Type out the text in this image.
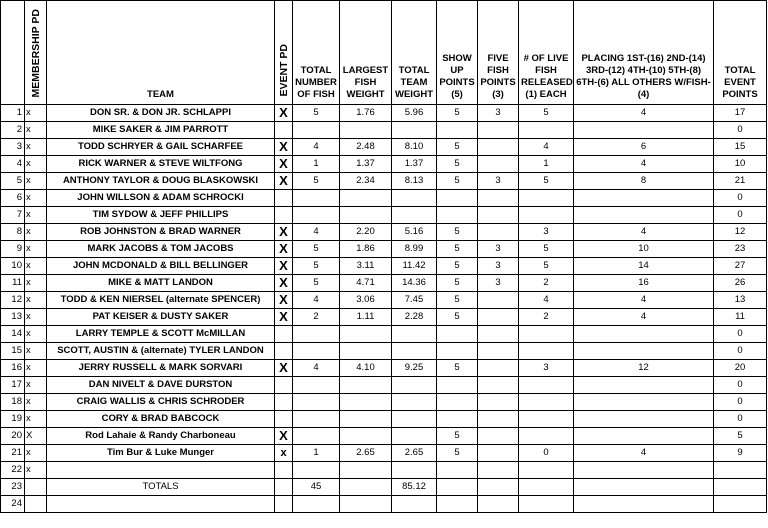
	MEMBERSHIP PD	TEAM	EVENT PD	TOTAL NUMBER OF FISH	LARGEST FISH WEIGHT	TOTAL TEAM WEIGHT	SHOW UP POINTS (5)	FIVE FISH POINTS (3)	# OF LIVE FISH RELEASED (1) EACH	PLACING 1ST-(16) 2ND-(14) 3RD-(12) 4TH-(10) 5TH-(8) 6TH-(6) ALL OTHERS W/FISH-(4)	TOTAL EVENT POINTS
1	x	DON SR. & DON JR. SCHLAPPI	X	5	1.76	5.96	5	3	5	4	17
2	x	MIKE SAKER & JIM PARROTT									0
3	x	TODD SCHRYER & GAIL SCHARFEE	X	4	2.48	8.10	5		4	6	15
4	x	RICK WARNER & STEVE WILTFONG	X	1	1.37	1.37	5		1	4	10
5	x	ANTHONY TAYLOR & DOUG BLASKOWSKI	X	5	2.34	8.13	5	3	5	8	21
6	x	JOHN WILLSON & ADAM SCHROCKI									0
7	x	TIM SYDOW & JEFF PHILLIPS									0
8	x	ROB JOHNSTON & BRAD WARNER	X	4	2.20	5.16	5		3	4	12
9	x	MARK JACOBS & TOM JACOBS	X	5	1.86	8.99	5	3	5	10	23
10	x	JOHN MCDONALD & BILL BELLINGER	X	5	3.11	11.42	5	3	5	14	27
11	x	MIKE & MATT LANDON	X	5	4.71	14.36	5	3	2	16	26
12	x	TODD & KEN NIERSEL (alternate SPENCER)	X	4	3.06	7.45	5		4	4	13
13	x	PAT KEISER & DUSTY SAKER	X	2	1.11	2.28	5		2	4	11
14	x	LARRY TEMPLE & SCOTT McMILLAN									0
15	x	SCOTT, AUSTIN & (alternate) TYLER LANDON									0
16	x	JERRY RUSSELL & MARK SORVARI	X	4	4.10	9.25	5		3	12	20
17	x	DAN NIVELT & DAVE DURSTON									0
18	x	CRAIG WALLIS & CHRIS SCHRODER									0
19	x	CORY & BRAD BABCOCK									0
20	X	Rod Lahaie & Randy Charboneau	X				5				5
21	x	Tim Bur & Luke Munger	x	1	2.65	2.65	5		0	4	9
22	x										
23		TOTALS		45		85.12					
24											
